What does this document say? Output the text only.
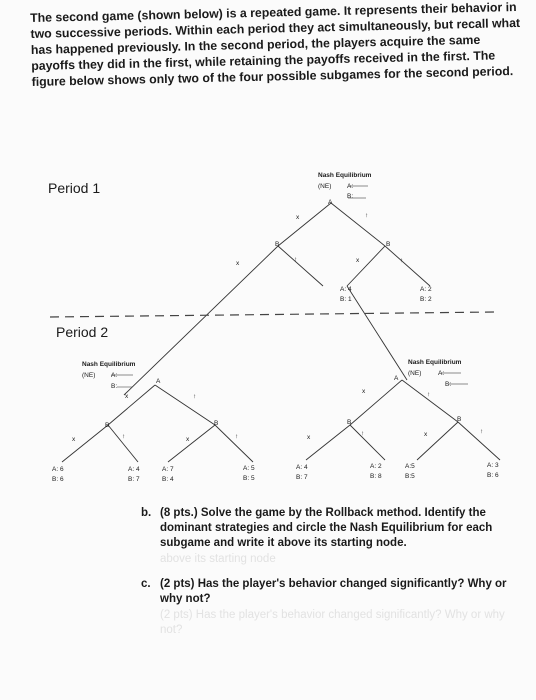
The second game (shown below) is a repeated game. It represents their behavior in two successive periods. Within each period they act simultaneously, but recall what has happened previously. In the second period, the players acquire the same payoffs they did in the first, while retaining the payoffs received in the first. The figure below shows only two of the four possible subgames for the second period.

Period 1
Period 2
Nash Equilibrium
(NE) A:
B:
A
Nash Equilibrium
(NE) A:
B:
A
Nash Equilibrium
(NE)	A:
B:
A
B	B
B	B	B	B
x	↑
x
↑	x	↑
x	↑
x	↑
x	↑	x	↑	x
↑	x	↑
A: 4
B: 1
A: 2
B: 2
A: 6
B: 6
A: 4
B: 7
A: 7
B: 4
A: 5
B: 5
A: 4
B: 7
A: 2
B: 8
A:5
B:5
A: 3
B: 6
b. (8 pts.) Solve the game by the Rollback method. Identify the dominant strategies and circle the Nash Equilibrium for each subgame and write it above its starting node.
above its starting node
c. (2 pts) Has the player's behavior changed significantly? Why or why not?
(2 pts) Has the player's behavior changed significantly? Why or why not?
